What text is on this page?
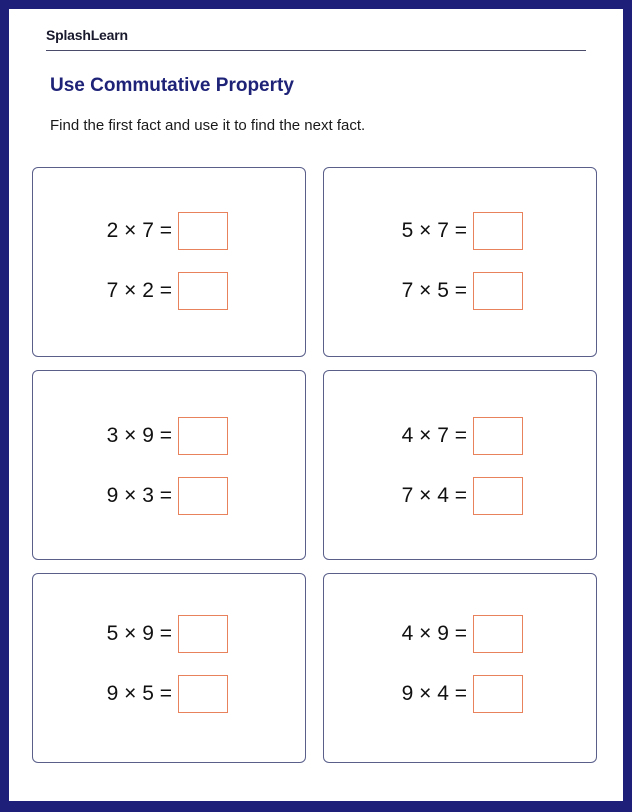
SplashLearn
Use Commutative Property
Find the first fact and use it to find the next fact.
2 × 7 =
7 × 2 =
5 × 7 =
7 × 5 =
3 × 9 =
9 × 3 =
4 × 7 =
7 × 4 =
5 × 9 =
9 × 5 =
4 × 9 =
9 × 4 =
